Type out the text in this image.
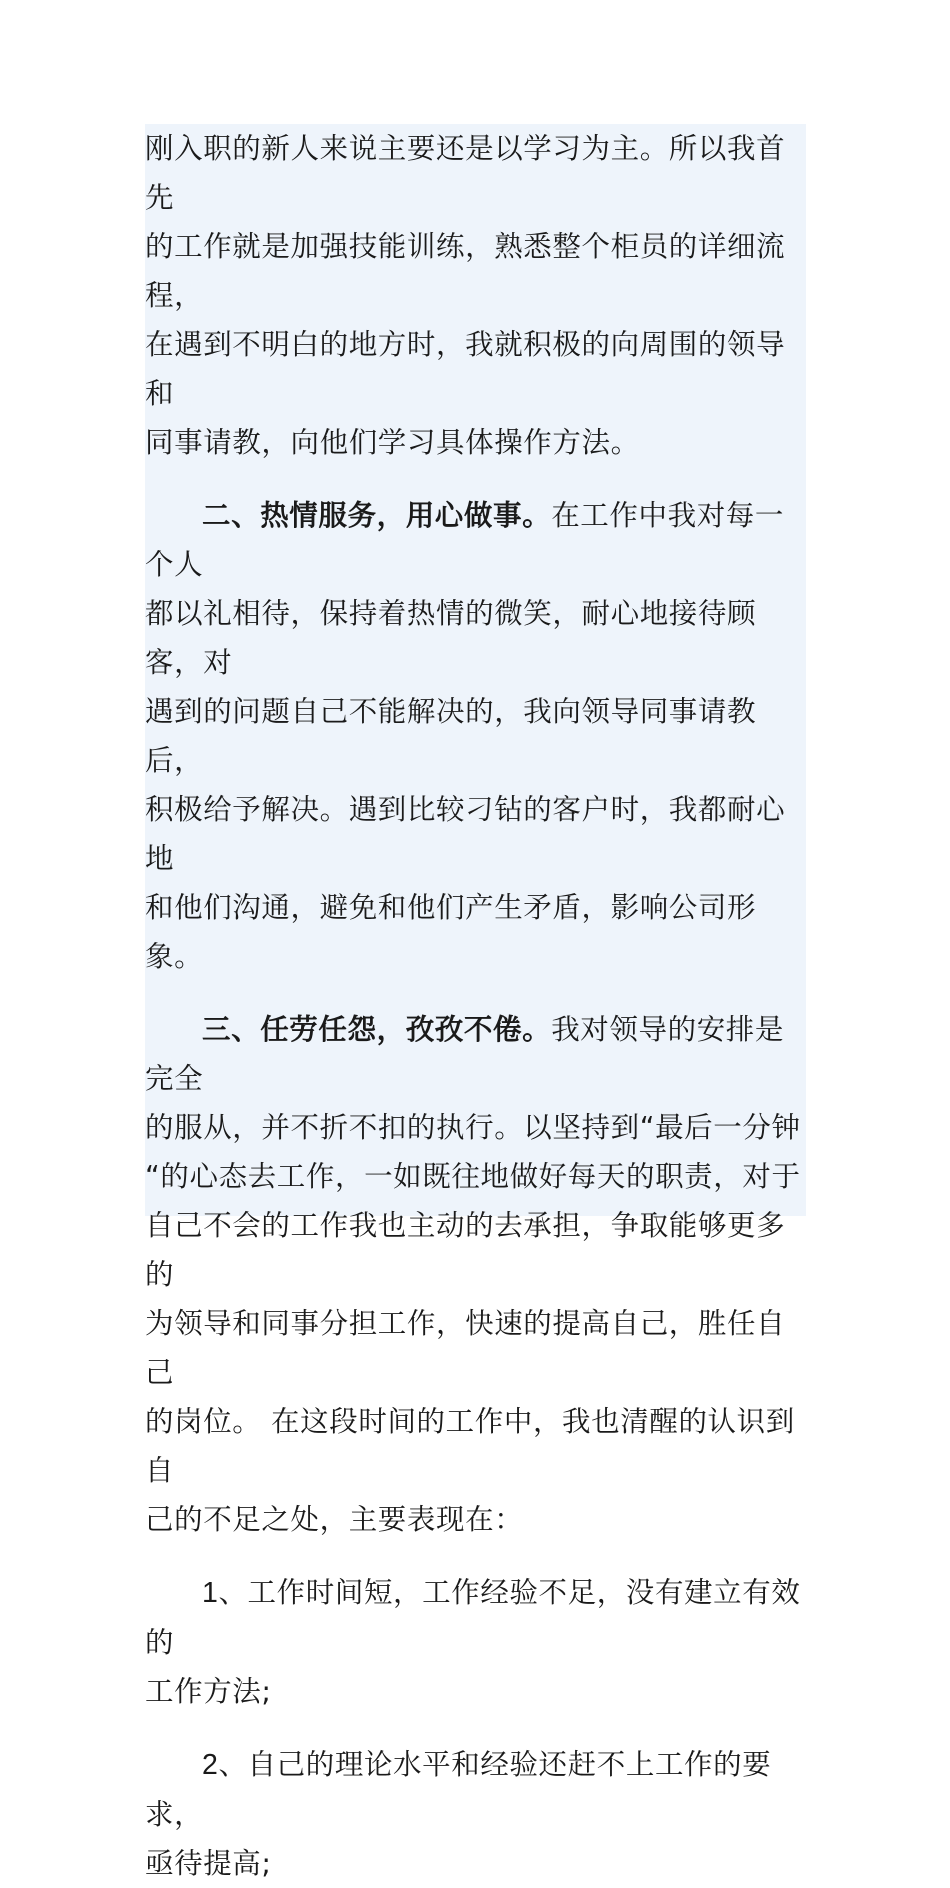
刚入职的新人来说主要还是以学习为主。所以我首先
的工作就是加强技能训练，熟悉整个柜员的详细流程，
在遇到不明白的地方时，我就积极的向周围的领导和
同事请教，向他们学习具体操作方法。

二、热情服务，用心做事。在工作中我对每一个人
都以礼相待，保持着热情的微笑，耐心地接待顾客，对
遇到的问题自己不能解决的，我向领导同事请教后，
积极给予解决。遇到比较刁钻的客户时，我都耐心地
和他们沟通，避免和他们产生矛盾，影响公司形象。

三、任劳任怨，孜孜不倦。我对领导的安排是完全
的服从，并不折不扣的执行。以坚持到“最后一分钟
“的心态去工作，一如既往地做好每天的职责，对于
自己不会的工作我也主动的去承担，争取能够更多的
为领导和同事分担工作，快速的提高自己，胜任自己
的岗位。 在这段时间的工作中，我也清醒的认识到自
己的不足之处，主要表现在：

1、工作时间短，工作经验不足，没有建立有效的
工作方法;

2、自己的理论水平和经验还赶不上工作的要求，
亟待提高;
